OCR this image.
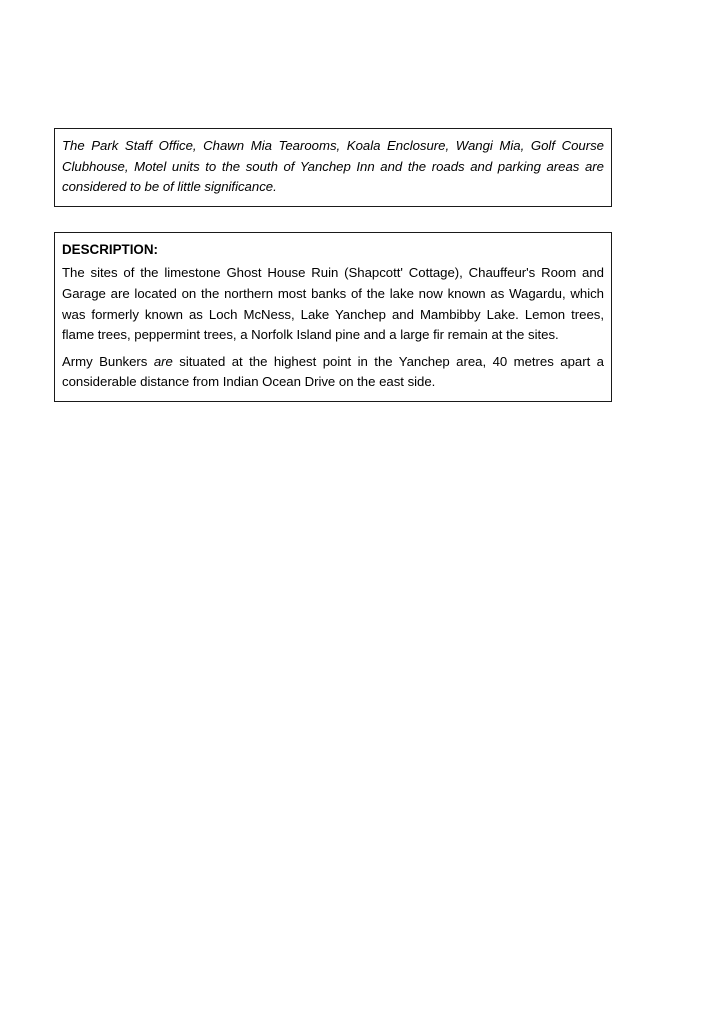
The Park Staff Office, Chawn Mia Tearooms, Koala Enclosure, Wangi Mia, Golf Course Clubhouse, Motel units to the south of Yanchep Inn and the roads and parking areas are considered to be of little significance.

DESCRIPTION:

The sites of the limestone Ghost House Ruin (Shapcott' Cottage), Chauffeur's Room and Garage are located on the northern most banks of the lake now known as Wagardu, which was formerly known as Loch McNess, Lake Yanchep and Mambibby Lake. Lemon trees, flame trees, peppermint trees, a Norfolk Island pine and a large fir remain at the sites.

Army Bunkers are situated at the highest point in the Yanchep area, 40 metres apart a considerable distance from Indian Ocean Drive on the east side.
